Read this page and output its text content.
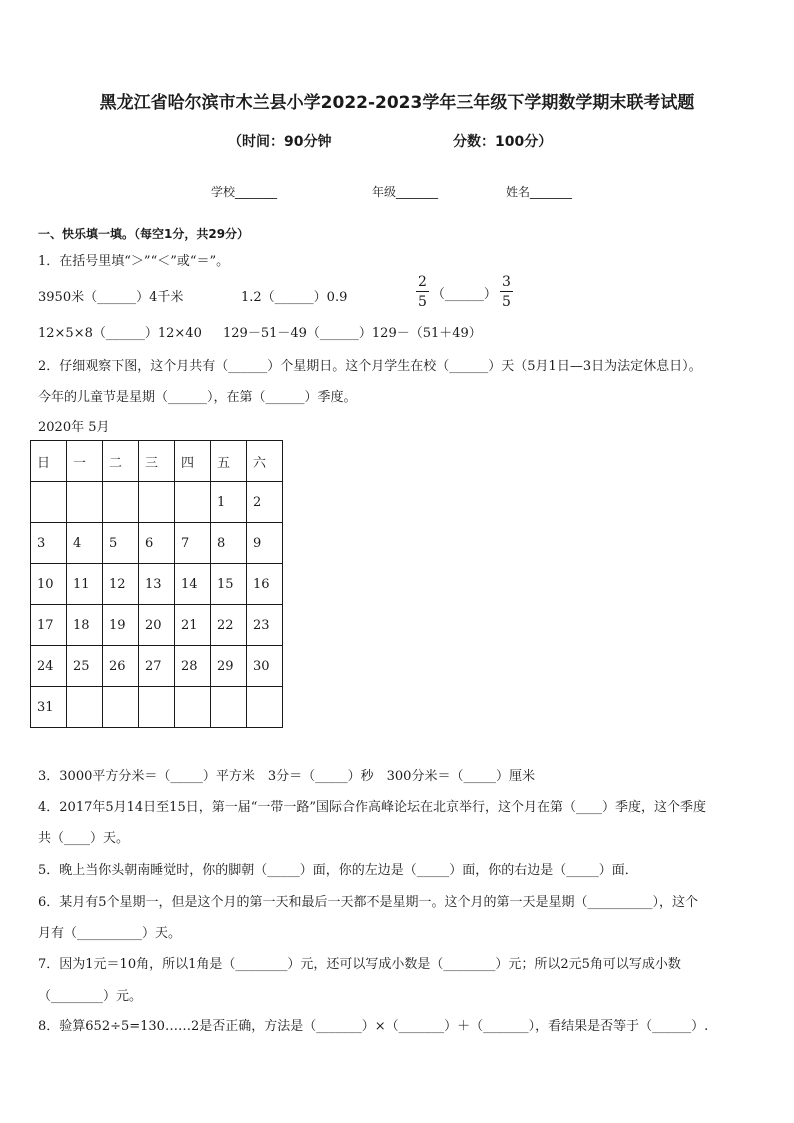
黑龙江省哈尔滨市木兰县小学2022-2023学年三年级下学期数学期末联考试题
（时间：90分钟	分数：100分）
学校_______	年级_______	姓名_______
一、快乐填一填。（每空1分，共29分）
1．在括号里填“＞”“＜”或“＝”。
3950米（______）4千米	1.2（______）0.9	$\frac{2}{5}$ （______） $\frac{3}{5}$
12×5×8（______）12×40 129－51－49（______）129－（51＋49）
2．仔细观察下图，这个月共有（______）个星期日。这个月学生在校（______）天（5月1日—3日为法定休息日）。
今年的儿童节是星期（______），在第（______）季度。
2020年 5月
日	一	二	三	四	五	六
					1	2
3	4	5	6	7	8	9
10	11	12	13	14	15	16
17	18	19	20	21	22	23
24	25	26	27	28	29	30
31						
3．3000平方分米＝（_____）平方米　3分＝（_____）秒　300分米＝（_____）厘米
4．2017年5月14日至15日，第一届“一带一路”国际合作高峰论坛在北京举行，这个月在第（____）季度，这个季度
共（____）天。
5．晚上当你头朝南睡觉时，你的脚朝（_____）面，你的左边是（_____）面，你的右边是（_____）面．
6．某月有5个星期一，但是这个月的第一天和最后一天都不是星期一。这个月的第一天是星期（__________），这个
月有（__________）天。
7．因为1元＝10角，所以1角是（________）元，还可以写成小数是（________）元；所以2元5角可以写成小数
（________）元。
8．验算652÷5=130……2是否正确，方法是（_______）×（_______）＋（_______），看结果是否等于（______）.
